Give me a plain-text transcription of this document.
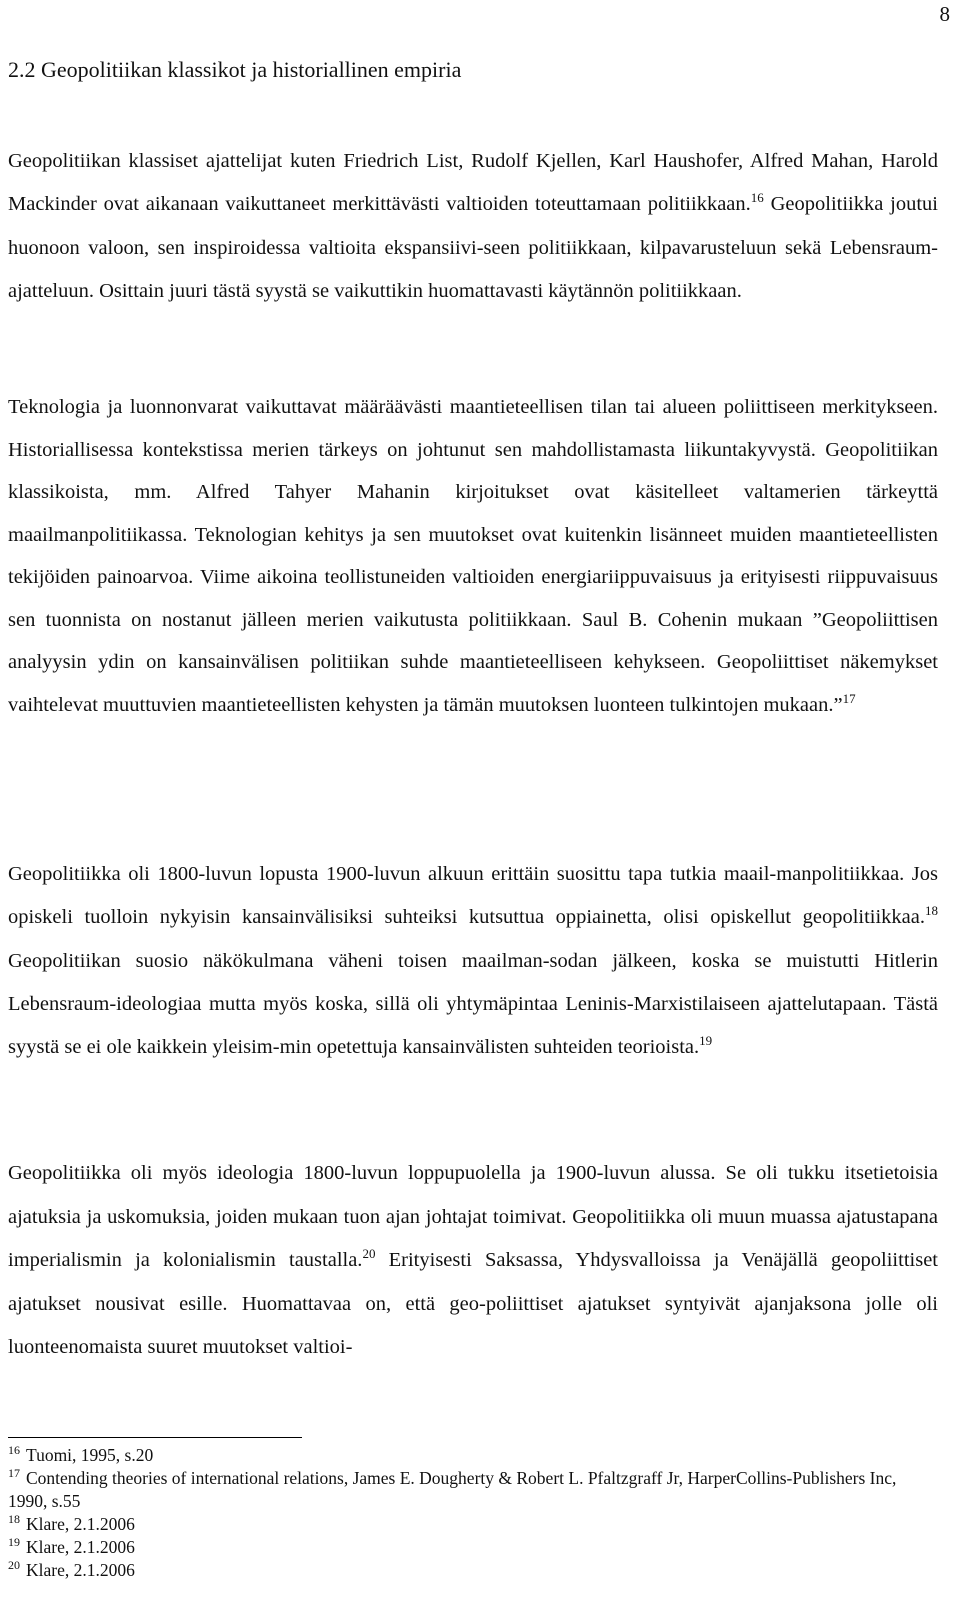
8
2.2 Geopolitiikan klassikot ja historiallinen empiria

Geopolitiikan klassiset ajattelijat kuten Friedrich List, Rudolf Kjellen, Karl Haushofer, Alfred Mahan, Harold Mackinder ovat aikanaan vaikuttaneet merkittävästi valtioiden toteuttamaan politiikkaan.$^{16}$ Geopolitiikka joutui huonoon valoon, sen inspiroidessa valtioita ekspansiivi-seen politiikkaan, kilpavarusteluun sekä Lebensraum-ajatteluun. Osittain juuri tästä syystä se vaikuttikin huomattavasti käytännön politiikkaan.

Teknologia ja luonnonvarat vaikuttavat määräävästi maantieteellisen tilan tai alueen poliittiseen merkitykseen. Historiallisessa kontekstissa merien tärkeys on johtunut sen mahdollistamasta liikuntakyvystä. Geopolitiikan klassikoista, mm. Alfred Tahyer Mahanin kirjoitukset ovat käsitelleet valtamerien tärkeyttä maailmanpolitiikassa. Teknologian kehitys ja sen muutokset ovat kuitenkin lisänneet muiden maantieteellisten tekijöiden painoarvoa. Viime aikoina teollistuneiden valtioiden energiariippuvaisuus ja erityisesti riippuvaisuus sen tuonnista on nostanut jälleen merien vaikutusta politiikkaan. Saul B. Cohenin mukaan ”Geopoliittisen analyysin ydin on kansainvälisen politiikan suhde maantieteelliseen kehykseen. Geopoliittiset näkemykset vaihtelevat muuttuvien maantieteellisten kehysten ja tämän muutoksen luonteen tulkintojen mukaan.”$^{17}$

Geopolitiikka oli 1800-luvun lopusta 1900-luvun alkuun erittäin suosittu tapa tutkia maail-manpolitiikkaa. Jos opiskeli tuolloin nykyisin kansainvälisiksi suhteiksi kutsuttua oppiainetta, olisi opiskellut geopolitiikkaa.$^{18}$ Geopolitiikan suosio näkökulmana väheni toisen maailman-sodan jälkeen, koska se muistutti Hitlerin Lebensraum-ideologiaa mutta myös koska, sillä oli yhtymäpintaa Leninis-Marxistilaiseen ajattelutapaan. Tästä syystä se ei ole kaikkein yleisim-min opetettuja kansainvälisten suhteiden teorioista.$^{19}$

Geopolitiikka oli myös ideologia 1800-luvun loppupuolella ja 1900-luvun alussa. Se oli tukku itsetietoisia ajatuksia ja uskomuksia, joiden mukaan tuon ajan johtajat toimivat. Geopolitiikka oli muun muassa ajatustapana imperialismin ja kolonialismin taustalla.$^{20}$ Erityisesti Saksassa, Yhdysvalloissa ja Venäjällä geopoliittiset ajatukset nousivat esille. Huomattavaa on, että geo-poliittiset ajatukset syntyivät ajanjaksona jolle oli luonteenomaista suuret muutokset valtioi-

$^{16}$ Tuomi, 1995, s.20

$^{17}$ Contending theories of international relations, James E. Dougherty & Robert L. Pfaltzgraff Jr, HarperCollins-Publishers Inc, 1990, s.55

$^{18}$ Klare, 2.1.2006

$^{19}$ Klare, 2.1.2006

$^{20}$ Klare, 2.1.2006
